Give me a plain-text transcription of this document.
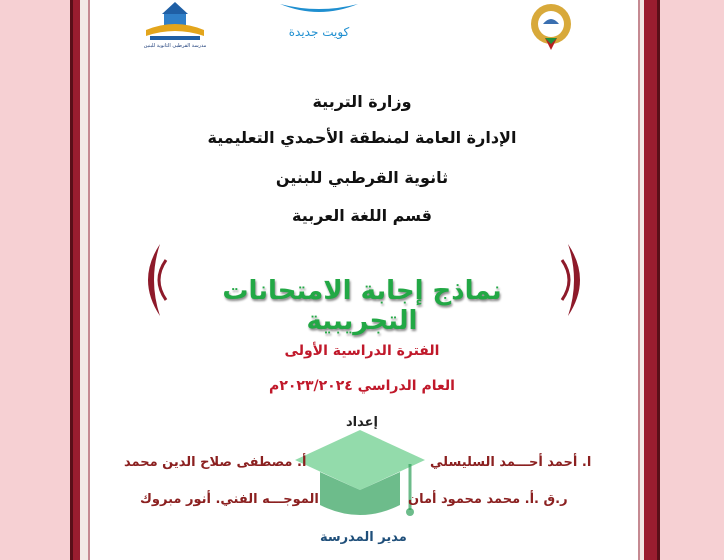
مدرسة القرطبي الثانوية للبنين
كويت جديدة
وزارة التربية
الإدارة العامة لمنطقة الأحمدي التعليمية
ثانوية القرطبي للبنين
قسم اللغة العربية
نماذج إجابة الامتحانات التجريبية
الفترة الدراسية الأولى
العام الدراسي ٢٠٢٣/٢٠٢٤م
إعداد
ا. أحمد أحـــمد السليسلي
أ. مصطفى صلاح الدين محمد
ر.ق .أ. محمد محمود أمان
الموجـــه الفني. أنور مبروك
مدير المدرسة
